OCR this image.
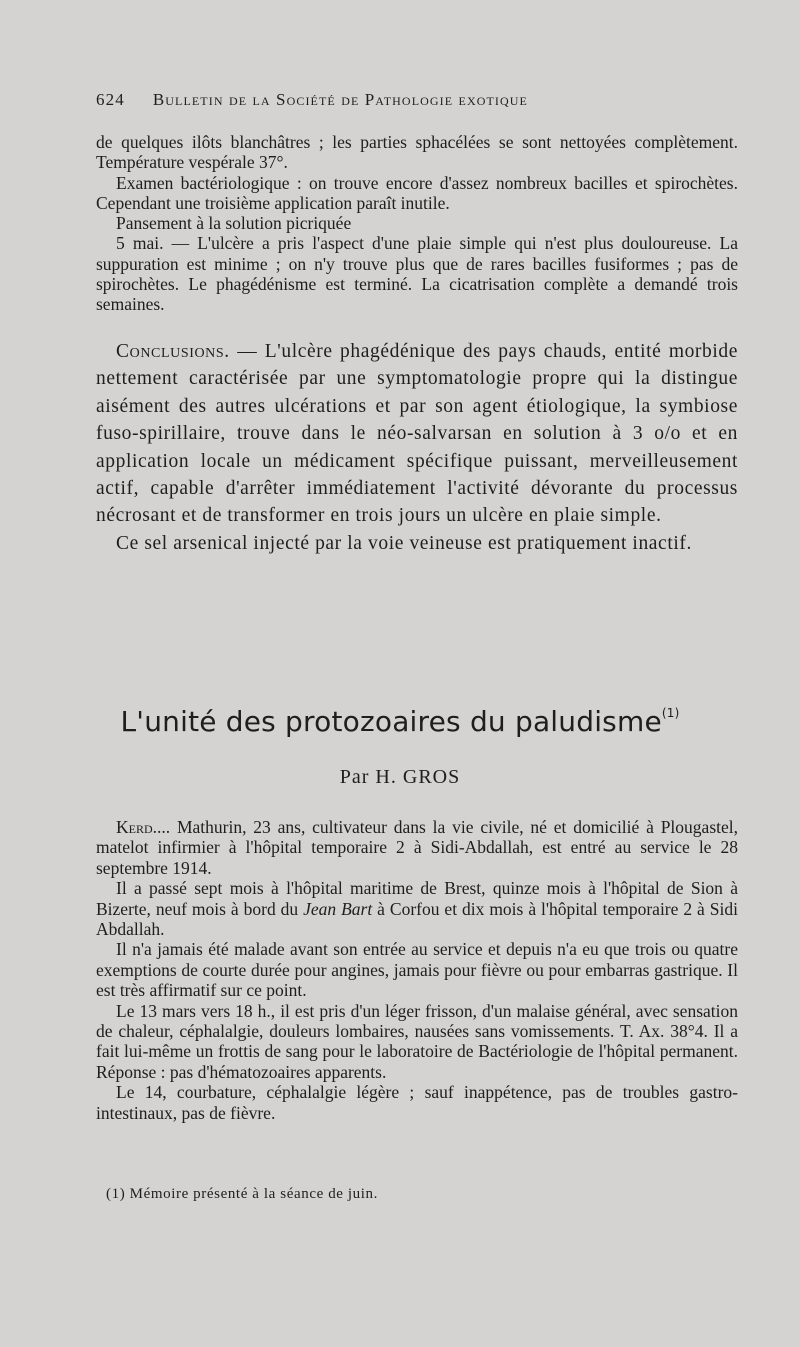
624 Bulletin de la Société de Pathologie exotique

de quelques ilôts blanchâtres ; les parties sphacélées se sont nettoyées complètement. Température vespérale 37°.

Examen bactériologique : on trouve encore d'assez nombreux bacilles et spirochètes. Cependant une troisième application paraît inutile.

Pansement à la solution picriquée

5 mai. — L'ulcère a pris l'aspect d'une plaie simple qui n'est plus douloureuse. La suppuration est minime ; on n'y trouve plus que de rares bacilles fusiformes ; pas de spirochètes. Le phagédénisme est terminé. La cicatrisation complète a demandé trois semaines.

Conclusions. — L'ulcère phagédénique des pays chauds, entité morbide nettement caractérisée par une symptomatologie propre qui la distingue aisément des autres ulcérations et par son agent étiologique, la symbiose fuso-spirillaire, trouve dans le néo-salvarsan en solution à 3 o/o et en application locale un médicament spécifique puissant, merveilleusement actif, capable d'arrêter immédiatement l'activité dévorante du processus nécrosant et de transformer en trois jours un ulcère en plaie simple.

Ce sel arsenical injecté par la voie veineuse est pratiquement inactif.

L'unité des protozoaires du paludisme$^{(1)}$
Par H. GROS

Kerd.... Mathurin, 23 ans, cultivateur dans la vie civile, né et domicilié à Plougastel, matelot infirmier à l'hôpital temporaire 2 à Sidi-Abdallah, est entré au service le 28 septembre 1914.

Il a passé sept mois à l'hôpital maritime de Brest, quinze mois à l'hôpital de Sion à Bizerte, neuf mois à bord du Jean Bart à Corfou et dix mois à l'hôpital temporaire 2 à Sidi Abdallah.

Il n'a jamais été malade avant son entrée au service et depuis n'a eu que trois ou quatre exemptions de courte durée pour angines, jamais pour fièvre ou pour embarras gastrique. Il est très affirmatif sur ce point.

Le 13 mars vers 18 h., il est pris d'un léger frisson, d'un malaise général, avec sensation de chaleur, céphalalgie, douleurs lombaires, nausées sans vomissements. T. Ax. 38°4. Il a fait lui-même un frottis de sang pour le laboratoire de Bactériologie de l'hôpital permanent. Réponse : pas d'hématozoaires apparents.

Le 14, courbature, céphalalgie légère ; sauf inappétence, pas de troubles gastro-intestinaux, pas de fièvre.

(1) Mémoire présenté à la séance de juin.
